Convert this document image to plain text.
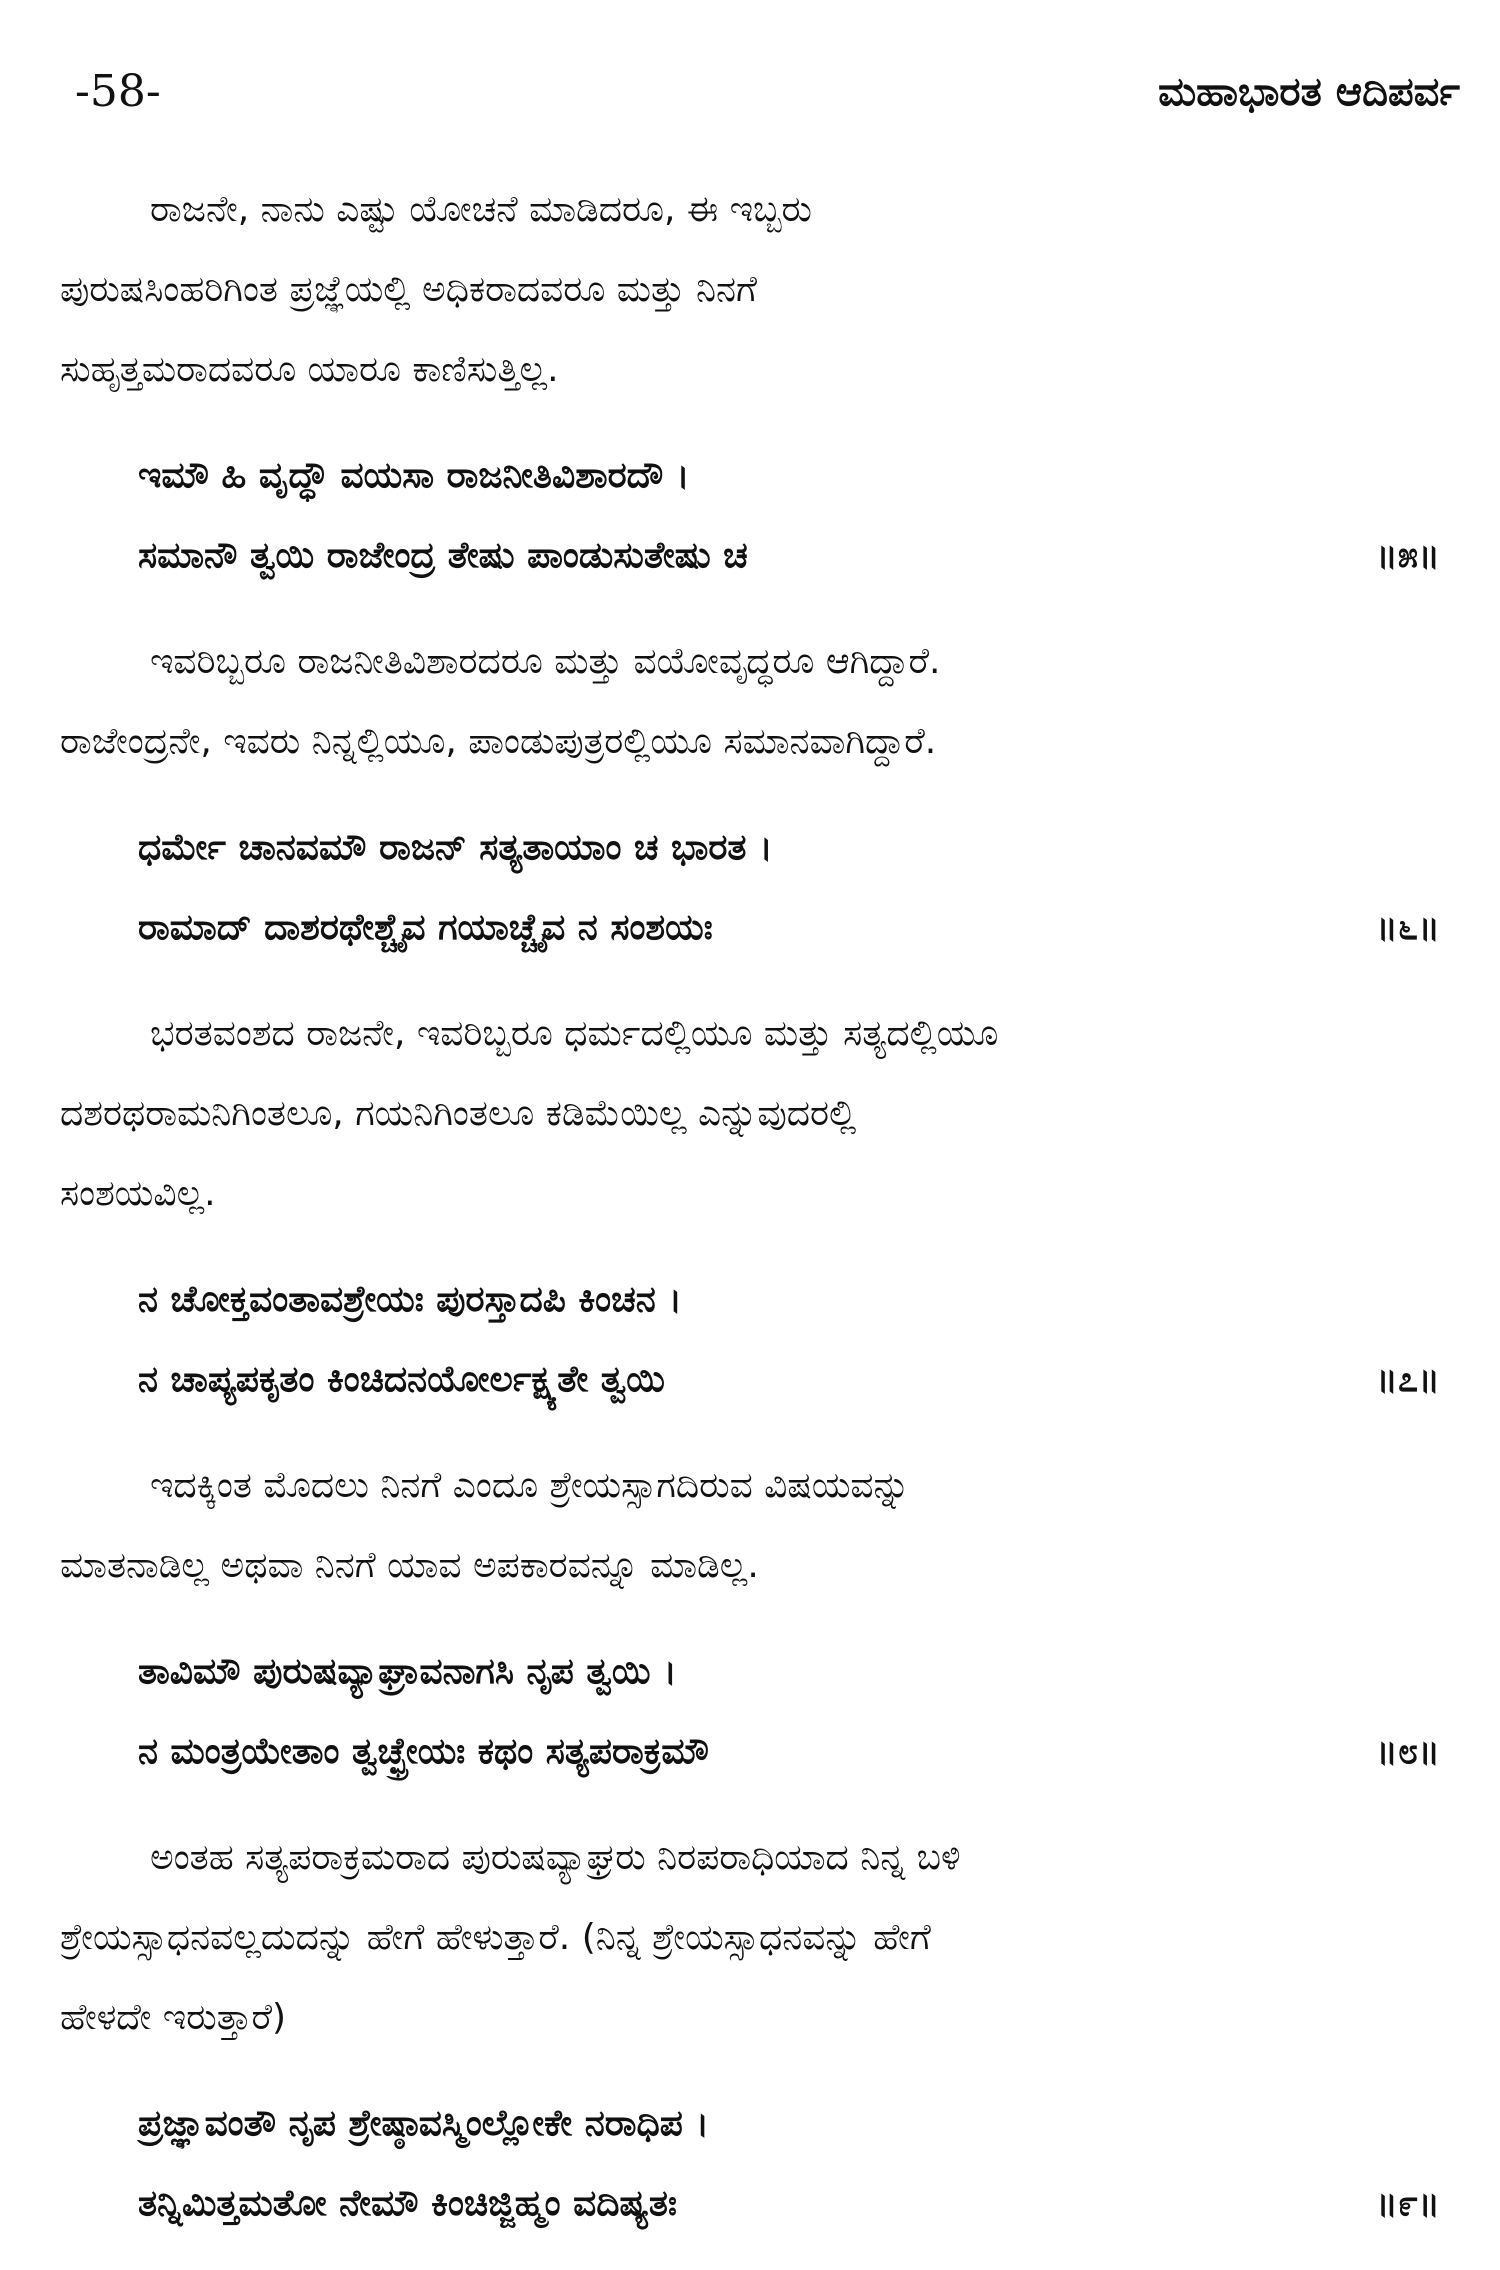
-58-	ಮಹಾಭಾರತ ಆದಿಪರ್ವ

ರಾಜನೇ, ನಾನು ಎಷ್ಟು ಯೋಚನೆ ಮಾಡಿದರೂ, ಈ ಇಬ್ಬರು
ಪುರುಷಸಿಂಹರಿಗಿಂತ ಪ್ರಜ್ಞೆಯಲ್ಲಿ ಅಧಿಕರಾದವರೂ ಮತ್ತು ನಿನಗೆ
ಸುಹೃತ್ತಮರಾದವರೂ ಯಾರೂ ಕಾಣಿಸುತ್ತಿಲ್ಲ.

ಇಮೌ ಹಿ ವೃದ್ಧೌ ವಯಸಾ ರಾಜನೀತಿವಿಶಾರದೌ ।
ಸಮಾನೌ ತ್ವಯಿ ರಾಜೇಂದ್ರ ತೇಷು ಪಾಂಡುಸುತೇಷು ಚ	॥೫॥

ಇವರಿಬ್ಬರೂ ರಾಜನೀತಿವಿಶಾರದರೂ ಮತ್ತು ವಯೋವೃದ್ಧರೂ ಆಗಿದ್ದಾರೆ.
ರಾಜೇಂದ್ರನೇ, ಇವರು ನಿನ್ನಲ್ಲಿಯೂ, ಪಾಂಡುಪುತ್ರರಲ್ಲಿಯೂ ಸಮಾನವಾಗಿದ್ದಾರೆ.

ಧರ್ಮೇ ಚಾನವಮೌ ರಾಜನ್ ಸತ್ಯತಾಯಾಂ ಚ ಭಾರತ ।
ರಾಮಾದ್ ದಾಶರಥೇಶ್ಚೈವ ಗಯಾಚ್ಚೈವ ನ ಸಂಶಯಃ	॥೬॥

ಭರತವಂಶದ ರಾಜನೇ, ಇವರಿಬ್ಬರೂ ಧರ್ಮದಲ್ಲಿಯೂ ಮತ್ತು ಸತ್ಯದಲ್ಲಿಯೂ
ದಶರಥರಾಮನಿಗಿಂತಲೂ, ಗಯನಿಗಿಂತಲೂ ಕಡಿಮೆಯಿಲ್ಲ ಎನ್ನುವುದರಲ್ಲಿ
ಸಂಶಯವಿಲ್ಲ.

ನ ಚೋಕ್ತವಂತಾವಶ್ರೇಯಃ ಪುರಸ್ತಾದಪಿ ಕಿಂಚನ ।
ನ ಚಾಪ್ಯಪಕೃತಂ ಕಿಂಚಿದನಯೋರ್ಲಕ್ಷ್ಯತೇ ತ್ವಯಿ	॥೭॥

ಇದಕ್ಕಿಂತ ಮೊದಲು ನಿನಗೆ ಎಂದೂ ಶ್ರೇಯಸ್ಸಾಗದಿರುವ ವಿಷಯವನ್ನು
ಮಾತನಾಡಿಲ್ಲ ಅಥವಾ ನಿನಗೆ ಯಾವ ಅಪಕಾರವನ್ನೂ ಮಾಡಿಲ್ಲ.

ತಾವಿಮೌ ಪುರುಷವ್ಯಾಘ್ರಾವನಾಗಸಿ ನೃಪ ತ್ವಯಿ ।
ನ ಮಂತ್ರಯೇತಾಂ ತ್ವಚ್ಛ್ರೇಯಃ ಕಥಂ ಸತ್ಯಪರಾಕ್ರಮೌ	॥೮॥

ಅಂತಹ ಸತ್ಯಪರಾಕ್ರಮರಾದ ಪುರುಷವ್ಯಾಘ್ರರು ನಿರಪರಾಧಿಯಾದ ನಿನ್ನ ಬಳಿ
ಶ್ರೇಯಸ್ಸಾಧನವಲ್ಲದುದನ್ನು ಹೇಗೆ ಹೇಳುತ್ತಾರೆ. (ನಿನ್ನ ಶ್ರೇಯಸ್ಸಾಧನವನ್ನು ಹೇಗೆ
ಹೇಳದೇ ಇರುತ್ತಾರೆ)

ಪ್ರಜ್ಞಾವಂತೌ ನೃಪ ಶ್ರೇಷ್ಠಾವಸ್ಮಿಂಲ್ಲೋಕೇ ನರಾಧಿಪ ।
ತನ್ನಿಮಿತ್ತಮತೋ ನೇಮೌ ಕಿಂಚಿಜ್ಜಿಹ್ಮಂ ವದಿಷ್ಯತಃ	॥೯॥
